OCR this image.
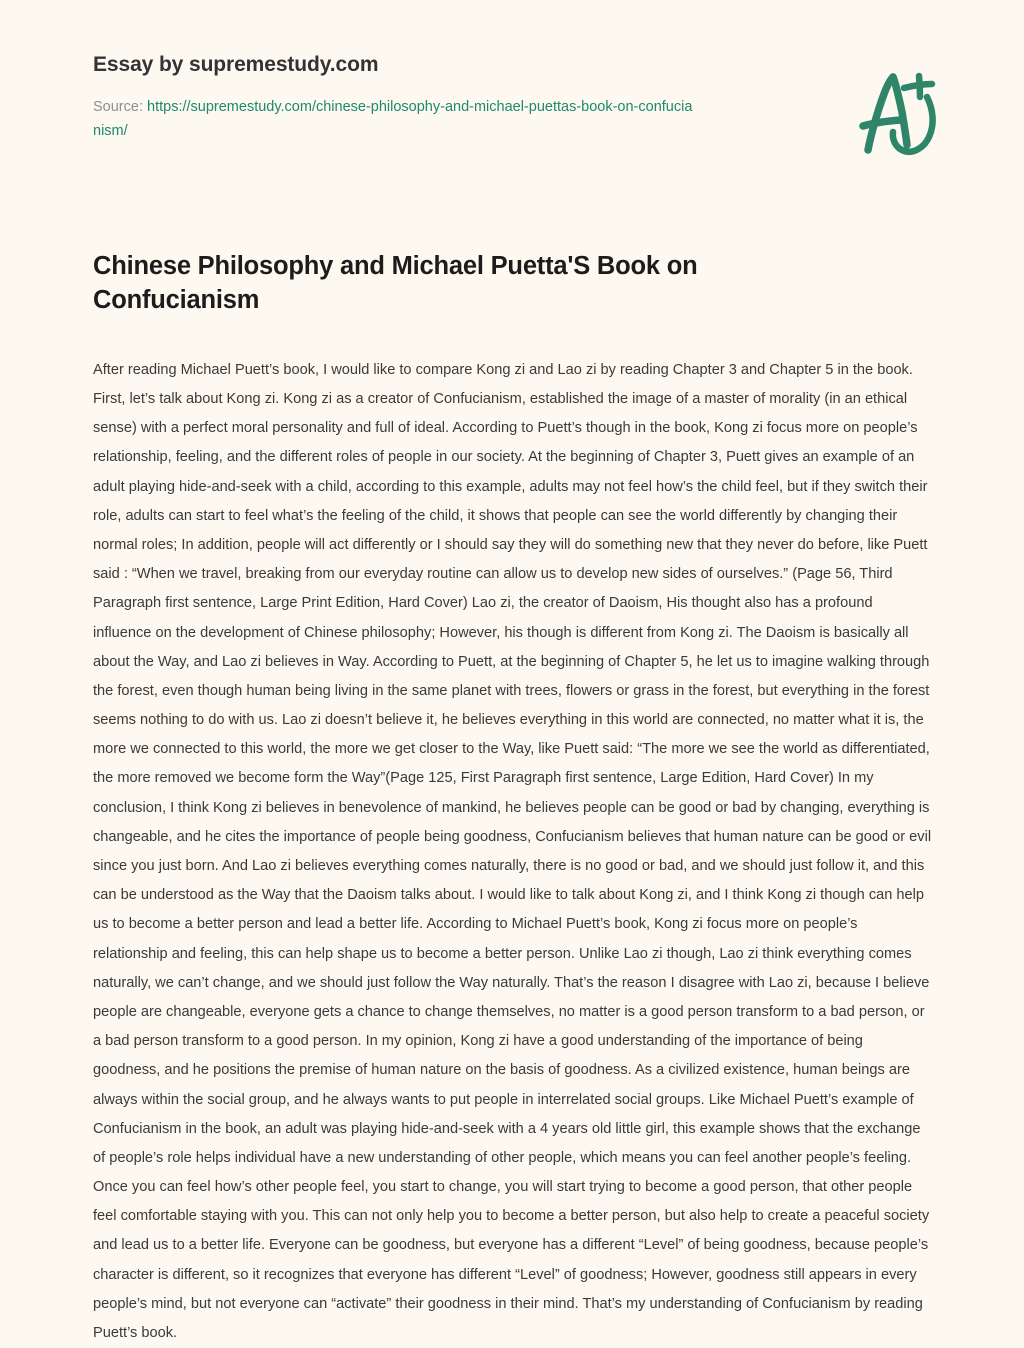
Essay by supremestudy.com
Source: https://supremestudy.com/chinese-philosophy-and-michael-puettas-book-on-confucianism/
Chinese Philosophy and Michael Puetta'S Book on Confucianism

After reading Michael Puett’s book, I would like to compare Kong zi and Lao zi by reading Chapter 3 and Chapter 5 in the book. First, let’s talk about Kong zi. Kong zi as a creator of Confucianism, established the image of a master of morality (in an ethical sense) with a perfect moral personality and full of ideal. According to Puett’s though in the book, Kong zi focus more on people’s relationship, feeling, and the different roles of people in our society. At the beginning of Chapter 3, Puett gives an example of an adult playing hide-and-seek with a child, according to this example, adults may not feel how’s the child feel, but if they switch their role, adults can start to feel what’s the feeling of the child, it shows that people can see the world differently by changing their normal roles; In addition, people will act differently or I should say they will do something new that they never do before, like Puett said : “When we travel, breaking from our everyday routine can allow us to develop new sides of ourselves.” (Page 56, Third Paragraph first sentence, Large Print Edition, Hard Cover) Lao zi, the creator of Daoism, His thought also has a profound influence on the development of Chinese philosophy; However, his though is different from Kong zi. The Daoism is basically all about the Way, and Lao zi believes in Way. According to Puett, at the beginning of Chapter 5, he let us to imagine walking through the forest, even though human being living in the same planet with trees, flowers or grass in the forest, but everything in the forest seems nothing to do with us. Lao zi doesn’t believe it, he believes everything in this world are connected, no matter what it is, the more we connected to this world, the more we get closer to the Way, like Puett said: “The more we see the world as differentiated, the more removed we become form the Way”(Page 125, First Paragraph first sentence, Large Edition, Hard Cover) In my conclusion, I think Kong zi believes in benevolence of mankind, he believes people can be good or bad by changing, everything is changeable, and he cites the importance of people being goodness, Confucianism believes that human nature can be good or evil since you just born. And Lao zi believes everything comes naturally, there is no good or bad, and we should just follow it, and this can be understood as the Way that the Daoism talks about. I would like to talk about Kong zi, and I think Kong zi though can help us to become a better person and lead a better life. According to Michael Puett’s book, Kong zi focus more on people’s relationship and feeling, this can help shape us to become a better person. Unlike Lao zi though, Lao zi think everything comes naturally, we can’t change, and we should just follow the Way naturally. That’s the reason I disagree with Lao zi, because I believe people are changeable, everyone gets a chance to change themselves, no matter is a good person transform to a bad person, or a bad person transform to a good person. In my opinion, Kong zi have a good understanding of the importance of being goodness, and he positions the premise of human nature on the basis of goodness. As a civilized existence, human beings are always within the social group, and he always wants to put people in interrelated social groups. Like Michael Puett’s example of Confucianism in the book, an adult was playing hide-and-seek with a 4 years old little girl, this example shows that the exchange of people’s role helps individual have a new understanding of other people, which means you can feel another people’s feeling. Once you can feel how’s other people feel, you start to change, you will start trying to become a good person, that other people feel comfortable staying with you. This can not only help you to become a better person, but also help to create a peaceful society and lead us to a better life. Everyone can be goodness, but everyone has a different “Level” of being goodness, because people’s character is different, so it recognizes that everyone has different “Level” of goodness; However, goodness still appears in every people’s mind, but not everyone can “activate” their goodness in their mind. That’s my understanding of Confucianism by reading Puett’s book.
